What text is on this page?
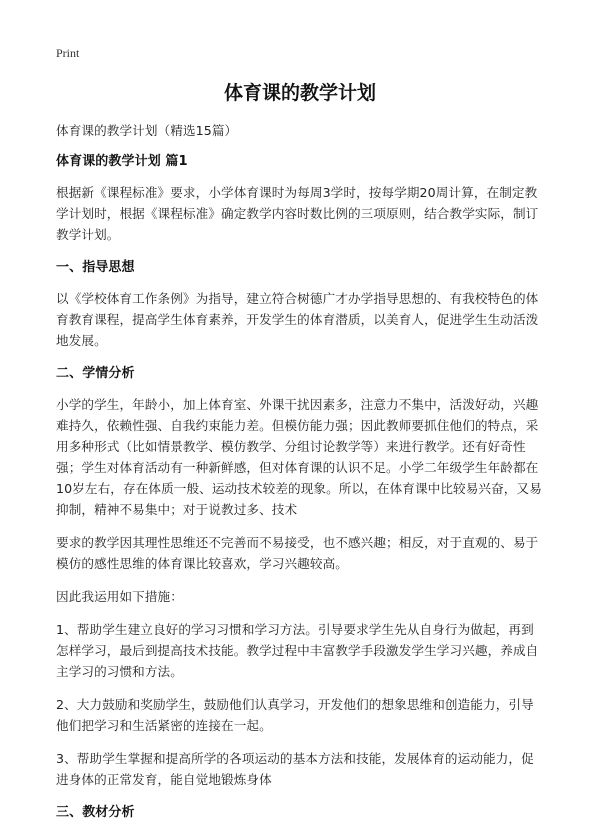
Print
体育课的教学计划

体育课的教学计划（精选15篇）

体育课的教学计划 篇1

根据新《课程标准》要求，小学体育课时为每周3学时，按每学期20周计算，在制定教学计划时，根据《课程标准》确定教学内容时数比例的三项原则，结合教学实际，制订教学计划。

一、指导思想

以《学校体育工作条例》为指导，建立符合树德广才办学指导思想的、有我校特色的体育教育课程，提高学生体育素养，开发学生的体育潜质，以美育人，促进学生生动活泼地发展。

二、学情分析

小学的学生，年龄小，加上体育室、外课干扰因素多，注意力不集中，活泼好动，兴趣难持久，依赖性强、自我约束能力差。但模仿能力强；因此教师要抓住他们的特点，采用多种形式（比如情景教学、模仿教学、分组讨论教学等）来进行教学。还有好奇性强；学生对体育活动有一种新鲜感，但对体育课的认识不足。小学二年级学生年龄都在10岁左右，存在体质一般、运动技术较差的现象。所以，在体育课中比较易兴奋，又易抑制，精神不易集中；对于说教过多、技术

要求的教学因其理性思维还不完善而不易接受，也不感兴趣；相反，对于直观的、易于模仿的感性思维的体育课比较喜欢，学习兴趣较高。

因此我运用如下措施：

1、帮助学生建立良好的学习习惯和学习方法。引导要求学生先从自身行为做起，再到怎样学习，最后到提高技术技能。教学过程中丰富教学手段激发学生学习兴趣，养成自主学习的习惯和方法。

2、大力鼓励和奖励学生，鼓励他们认真学习，开发他们的想象思维和创造能力，引导他们把学习和生活紧密的连接在一起。

3、帮助学生掌握和提高所学的各项运动的基本方法和技能，发展体育的运动能力，促进身体的正常发育，能自觉地锻炼身体

三、教材分析
